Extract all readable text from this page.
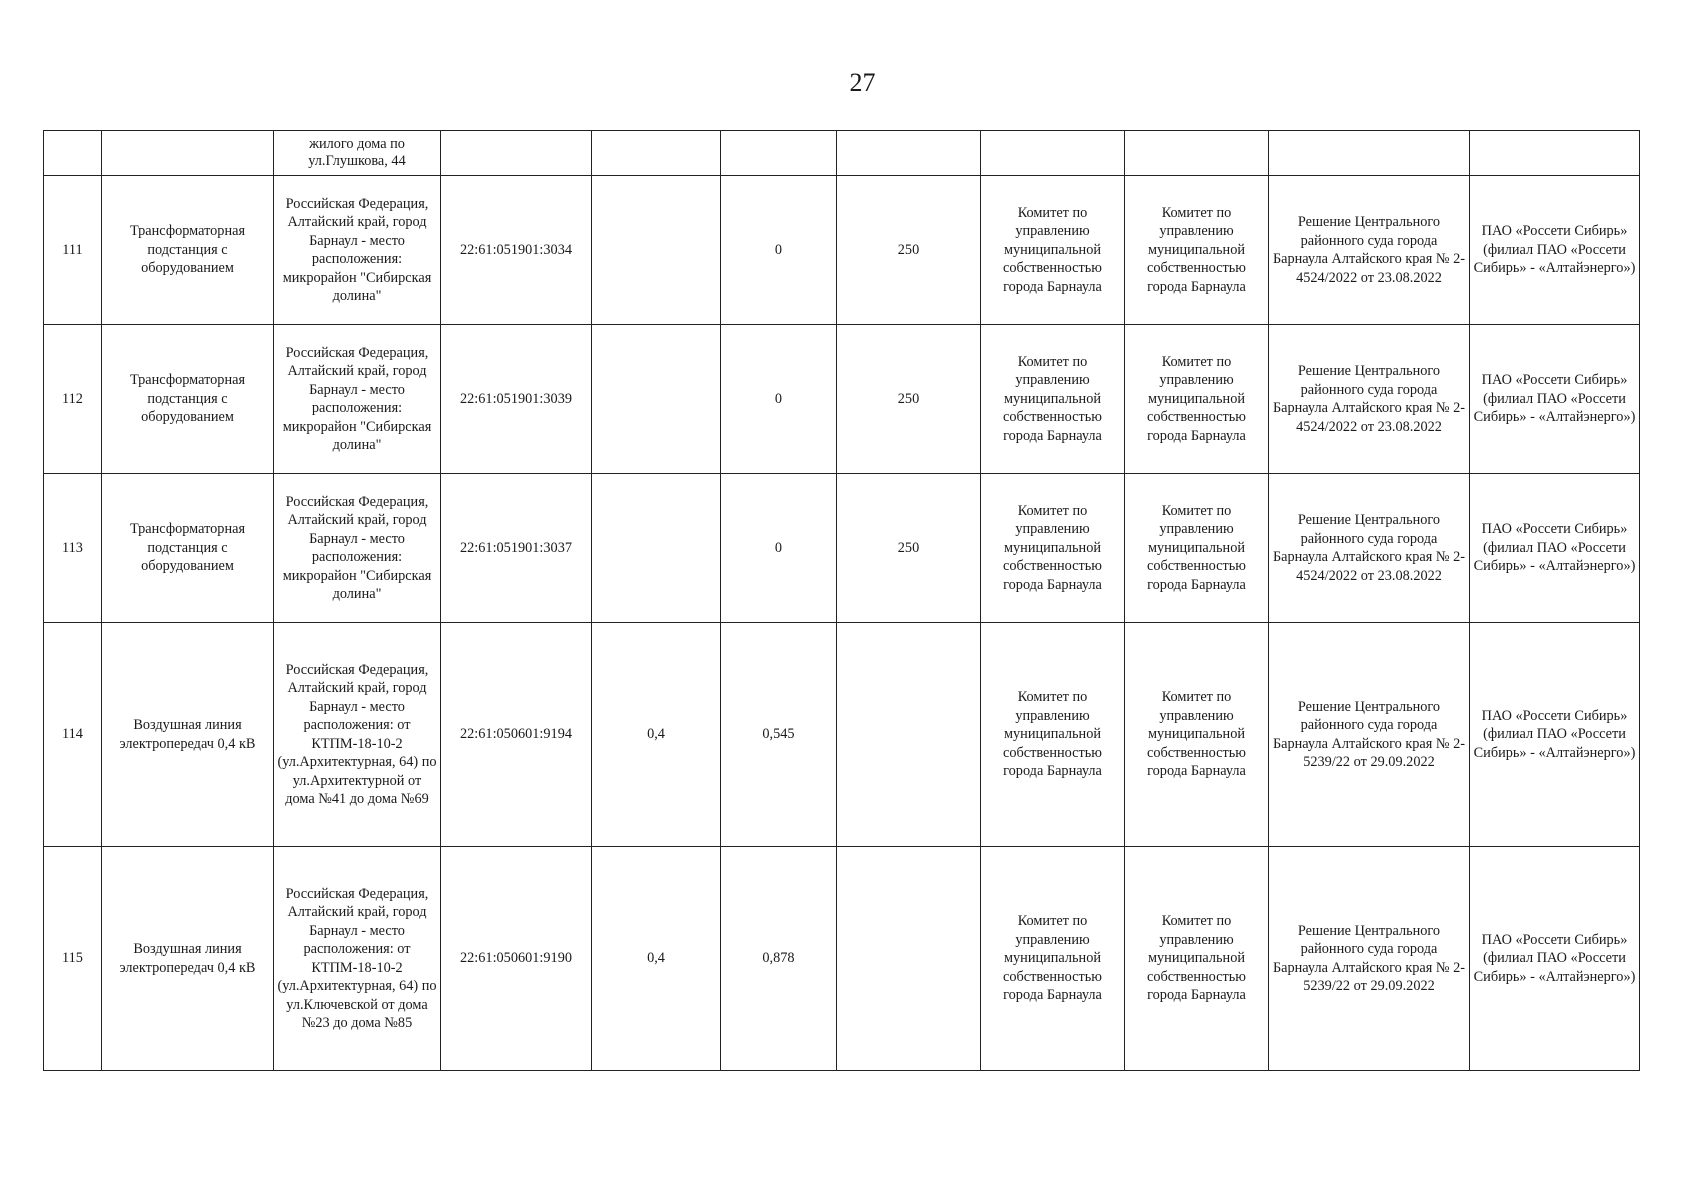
27
		жилого дома по ул.Глушкова, 44								
111	Трансформаторная подстанция с оборудованием	Российская Федерация, Алтайский край, город Барнаул - место расположения: микрорайон "Сибирская долина"	22:61:051901:3034		0	250	Комитет по управлению муниципальной собственностью города Барнаула	Комитет по управлению муниципальной собственностью города Барнаула	Решение Центрального районного суда города Барнаула Алтайского края № 2-4524/2022 от 23.08.2022	ПАО «Россети Сибирь» (филиал ПАО «Россети Сибирь» - «Алтайэнерго»)
112	Трансформаторная подстанция с оборудованием	Российская Федерация, Алтайский край, город Барнаул - место расположения: микрорайон "Сибирская долина"	22:61:051901:3039		0	250	Комитет по управлению муниципальной собственностью города Барнаула	Комитет по управлению муниципальной собственностью города Барнаула	Решение Центрального районного суда города Барнаула Алтайского края № 2-4524/2022 от 23.08.2022	ПАО «Россети Сибирь» (филиал ПАО «Россети Сибирь» - «Алтайэнерго»)
113	Трансформаторная подстанция с оборудованием	Российская Федерация, Алтайский край, город Барнаул - место расположения: микрорайон "Сибирская долина"	22:61:051901:3037		0	250	Комитет по управлению муниципальной собственностью города Барнаула	Комитет по управлению муниципальной собственностью города Барнаула	Решение Центрального районного суда города Барнаула Алтайского края № 2-4524/2022 от 23.08.2022	ПАО «Россети Сибирь» (филиал ПАО «Россети Сибирь» - «Алтайэнерго»)
114	Воздушная линия электропередач 0,4 кВ	Российская Федерация, Алтайский край, город Барнаул - место расположения: от КТПМ-18-10-2 (ул.Архитектурная, 64) по ул.Архитектурной от дома №41 до дома №69	22:61:050601:9194	0,4	0,545		Комитет по управлению муниципальной собственностью города Барнаула	Комитет по управлению муниципальной собственностью города Барнаула	Решение Центрального районного суда города Барнаула Алтайского края № 2-5239/22 от 29.09.2022	ПАО «Россети Сибирь» (филиал ПАО «Россети Сибирь» - «Алтайэнерго»)
115	Воздушная линия электропередач 0,4 кВ	Российская Федерация, Алтайский край, город Барнаул - место расположения: от КТПМ-18-10-2 (ул.Архитектурная, 64) по ул.Ключевской от дома №23 до дома №85	22:61:050601:9190	0,4	0,878		Комитет по управлению муниципальной собственностью города Барнаула	Комитет по управлению муниципальной собственностью города Барнаула	Решение Центрального районного суда города Барнаула Алтайского края № 2-5239/22 от 29.09.2022	ПАО «Россети Сибирь» (филиал ПАО «Россети Сибирь» - «Алтайэнерго»)
